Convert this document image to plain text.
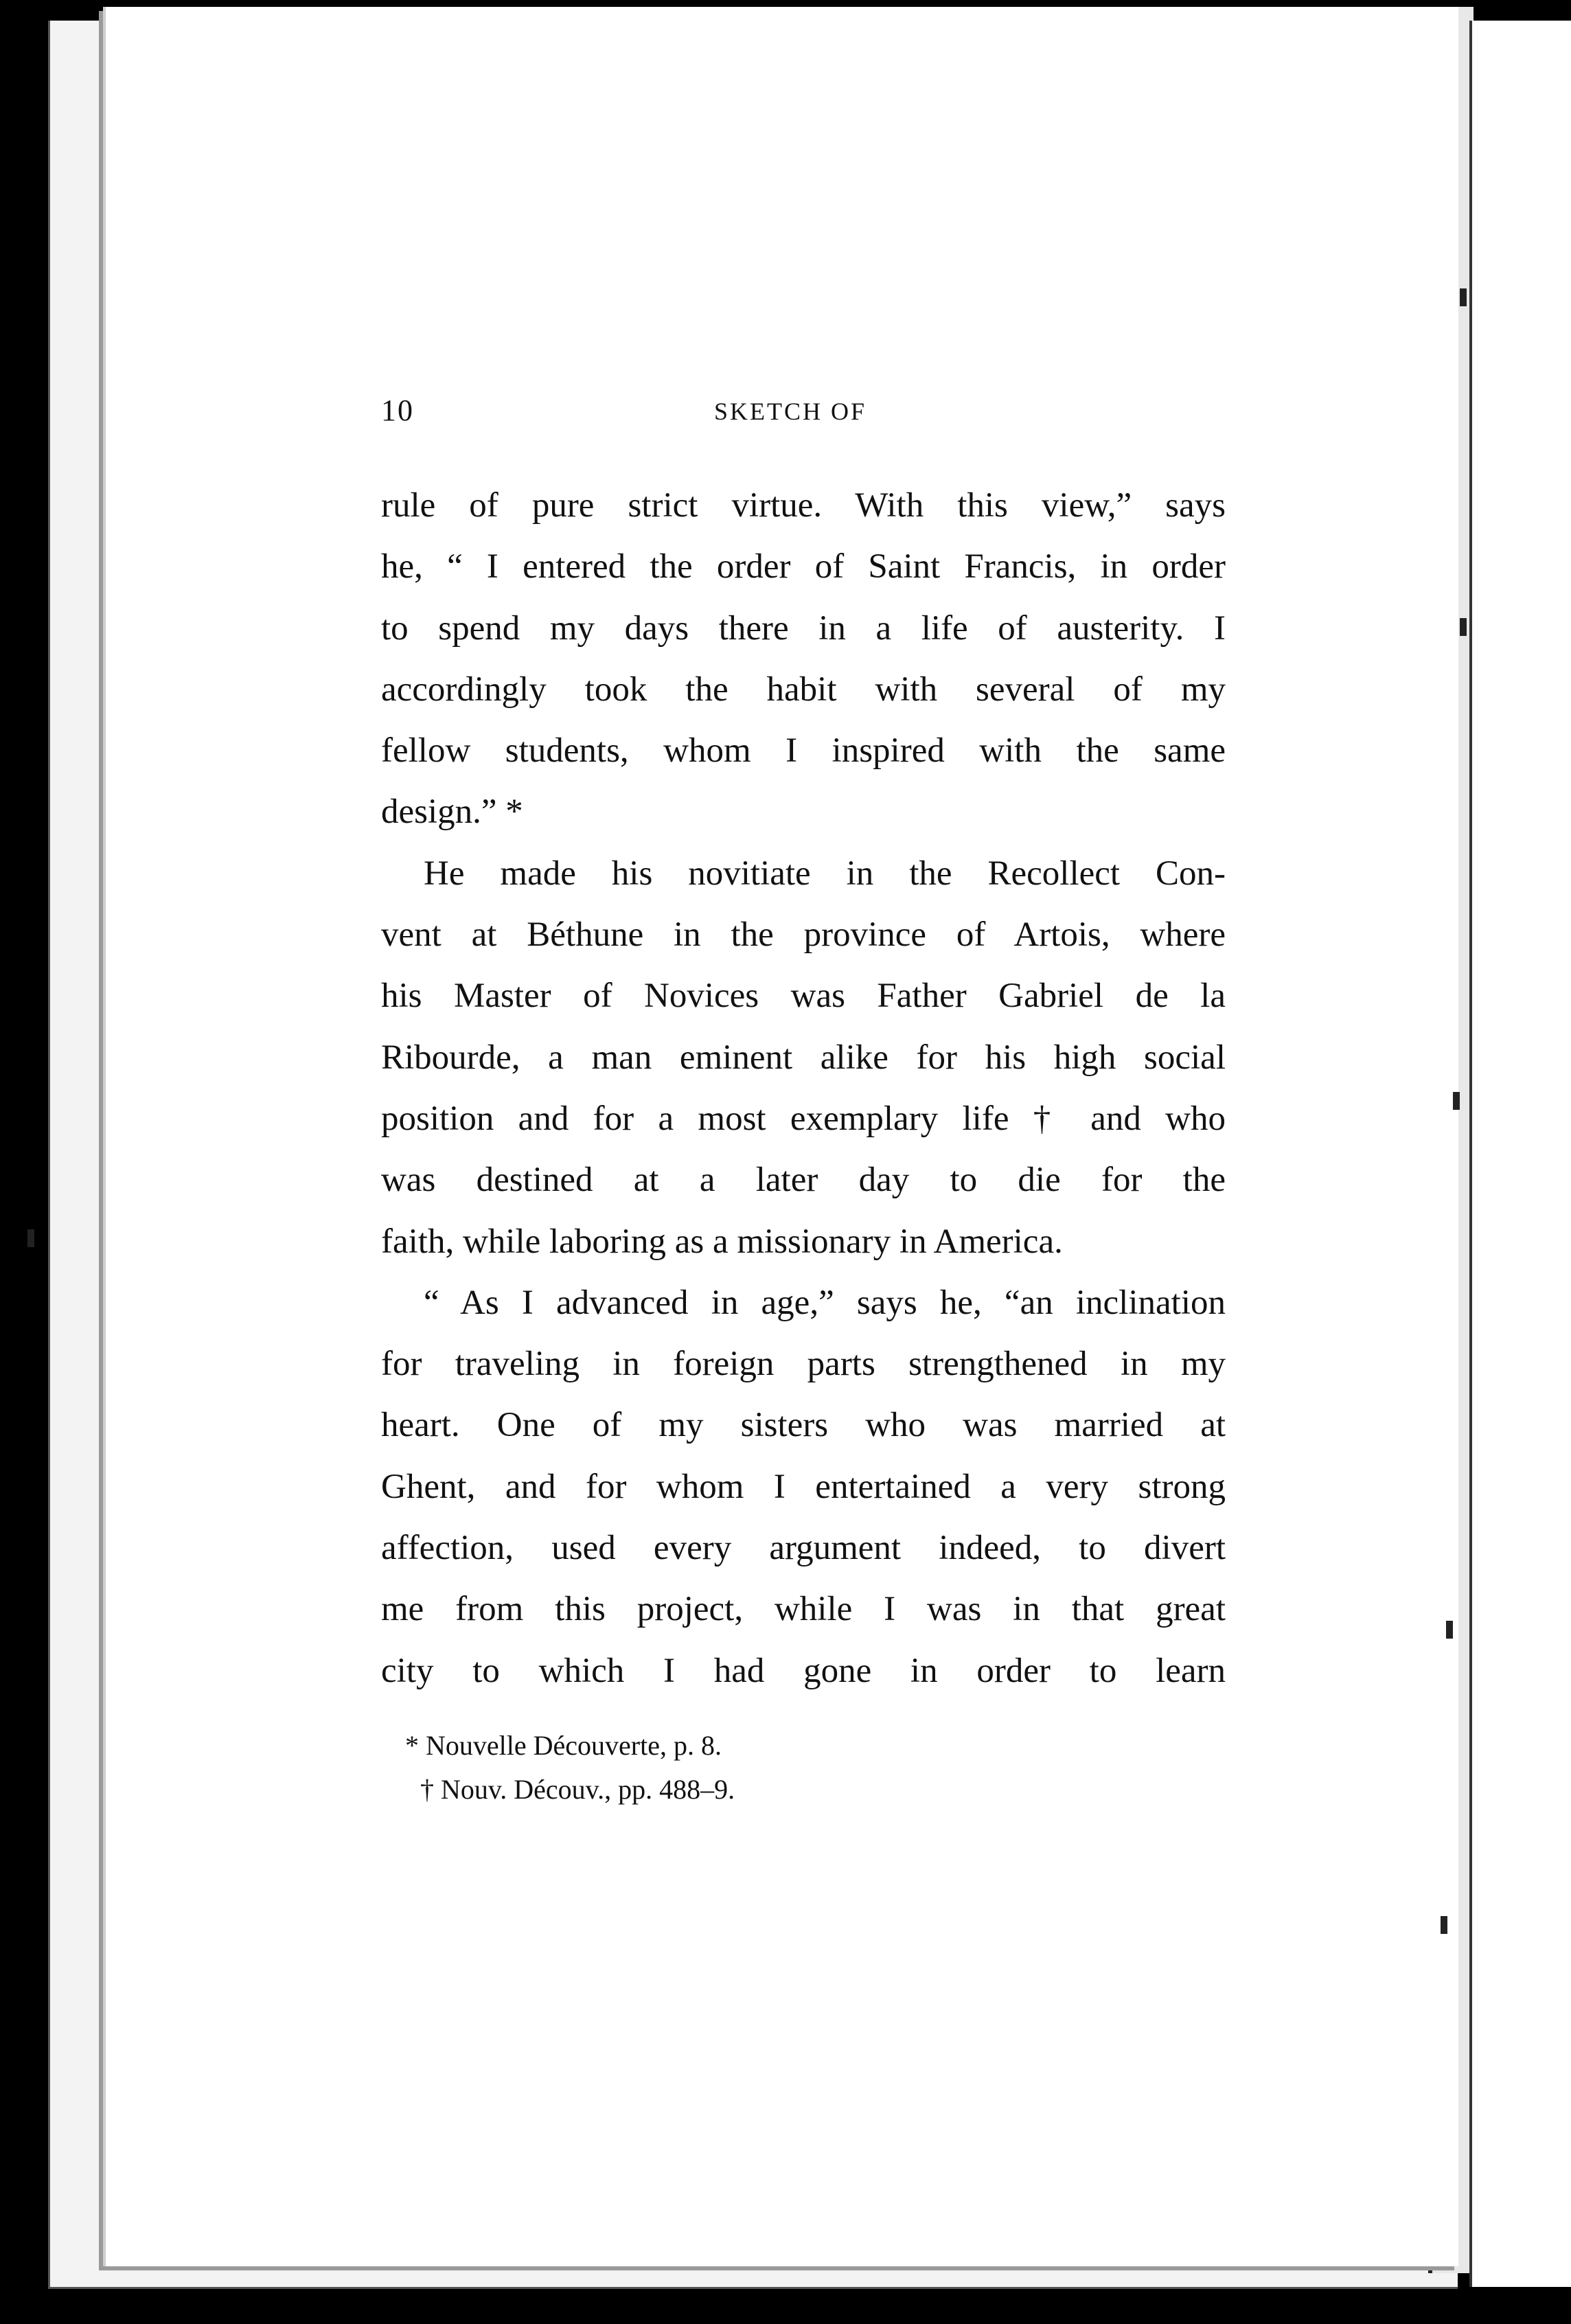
10	SKETCH OF
rule of pure strict virtue. With this view,” says
he, “ I entered the order of Saint Francis, in order
to spend my days there in a life of austerity. I
accordingly took the habit with several of my
fellow students, whom I inspired with the same
design.” *
He made his novitiate in the Recollect Con-
vent at Béthune in the province of Artois, where
his Master of Novices was Father Gabriel de la
Ribourde, a man eminent alike for his high social
position and for a most exemplary life † and who
was destined at a later day to die for the
faith, while laboring as a missionary in America.
“ As I advanced in age,” says he, “an inclination
for traveling in foreign parts strengthened in my
heart. One of my sisters who was married at
Ghent, and for whom I entertained a very strong
affection, used every argument indeed, to divert
me from this project, while I was in that great
city to which I had gone in order to learn
* Nouvelle Découverte, p. 8.
† Nouv. Découv., pp. 488–9.
